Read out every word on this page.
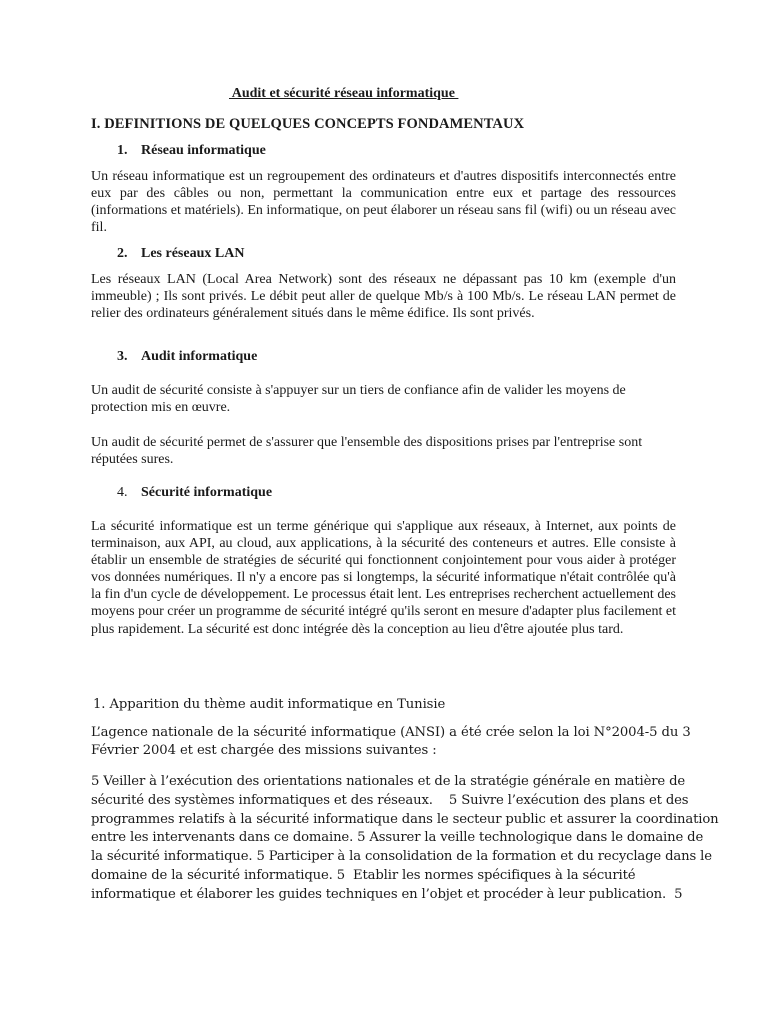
Audit et sécurité réseau informatique
I. DEFINITIONS DE QUELQUES CONCEPTS FONDAMENTAUX
1. Réseau informatique

Un réseau informatique est un regroupement des ordinateurs et d'autres dispositifs interconnectés entre eux par des câbles ou non, permettant la communication entre eux et partage des ressources (informations et matériels). En informatique, on peut élaborer un réseau sans fil (wifi) ou un réseau avec fil.

2. Les réseaux LAN

Les réseaux LAN (Local Area Network) sont des réseaux ne dépassant pas 10 km (exemple d'un immeuble) ; Ils sont privés. Le débit peut aller de quelque Mb/s à 100 Mb/s. Le réseau LAN permet de relier des ordinateurs généralement situés dans le même édifice. Ils sont privés.

3. Audit informatique

Un audit de sécurité consiste à s'appuyer sur un tiers de confiance afin de valider les moyens de protection mis en œuvre.

Un audit de sécurité permet de s'assurer que l'ensemble des dispositions prises par l'entreprise sont réputées sures.

4. Sécurité informatique

La sécurité informatique est un terme générique qui s'applique aux réseaux, à Internet, aux points de terminaison, aux API, au cloud, aux applications, à la sécurité des conteneurs et autres. Elle consiste à établir un ensemble de stratégies de sécurité qui fonctionnent conjointement pour vous aider à protéger vos données numériques. Il n'y a encore pas si longtemps, la sécurité informatique n'était contrôlée qu'à la fin d'un cycle de développement. Le processus était lent. Les entreprises recherchent actuellement des moyens pour créer un programme de sécurité intégré qu'ils seront en mesure d'adapter plus facilement et plus rapidement. La sécurité est donc intégrée dès la conception au lieu d'être ajoutée plus tard.

1. Apparition du thème audit informatique en Tunisie

L’agence nationale de la sécurité informatique (ANSI) a été crée selon la loi N°2004-5 du 3 Février 2004 et est chargée des missions suivantes :

5 Veiller à l’exécution des orientations nationales et de la stratégie générale en matière de
sécurité des systèmes informatiques et des réseaux.    5 Suivre l’exécution des plans et des
programmes relatifs à la sécurité informatique dans le secteur public et assurer la coordination
entre les intervenants dans ce domaine. 5 Assurer la veille technologique dans le domaine de
la sécurité informatique. 5 Participer à la consolidation de la formation et du recyclage dans le
domaine de la sécurité informatique. 5  Etablir les normes spécifiques à la sécurité
informatique et élaborer les guides techniques en l’objet et procéder à leur publication.  5
